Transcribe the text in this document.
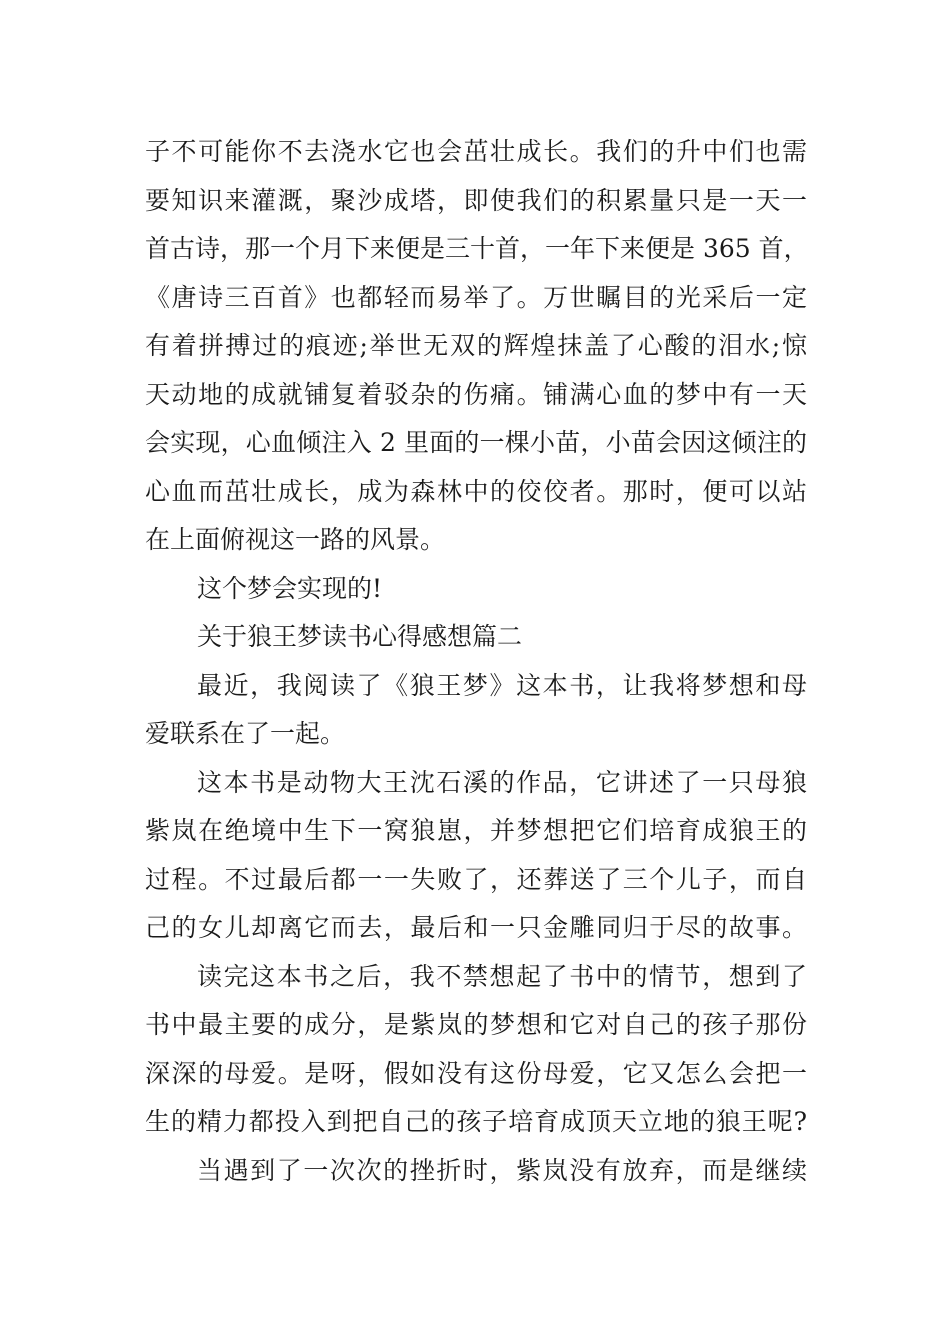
子不可能你不去浇水它也会茁壮成长。我们的升中们也需

要知识来灌溉，聚沙成塔，即使我们的积累量只是一天一

首古诗，那一个月下来便是三十首，一年下来便是 365 首，

《唐诗三百首》也都轻而易举了。万世瞩目的光采后一定

有着拼搏过的痕迹;举世无双的辉煌抹盖了心酸的泪水;惊

天动地的成就铺复着驳杂的伤痛。铺满心血的梦中有一天

会实现，心血倾注入 2 里面的一棵小苗，小苗会因这倾注的

心血而茁壮成长，成为森林中的佼佼者。那时，便可以站

在上面俯视这一路的风景。

这个梦会实现的!

关于狼王梦读书心得感想篇二

最近，我阅读了《狼王梦》这本书，让我将梦想和母

爱联系在了一起。

这本书是动物大王沈石溪的作品，它讲述了一只母狼

紫岚在绝境中生下一窝狼崽，并梦想把它们培育成狼王的

过程。不过最后都一一失败了，还葬送了三个儿子，而自

己的女儿却离它而去，最后和一只金雕同归于尽的故事。

读完这本书之后，我不禁想起了书中的情节，想到了

书中最主要的成分，是紫岚的梦想和它对自己的孩子那份

深深的母爱。是呀，假如没有这份母爱，它又怎么会把一

生的精力都投入到把自己的孩子培育成顶天立地的狼王呢?

当遇到了一次次的挫折时，紫岚没有放弃，而是继续
